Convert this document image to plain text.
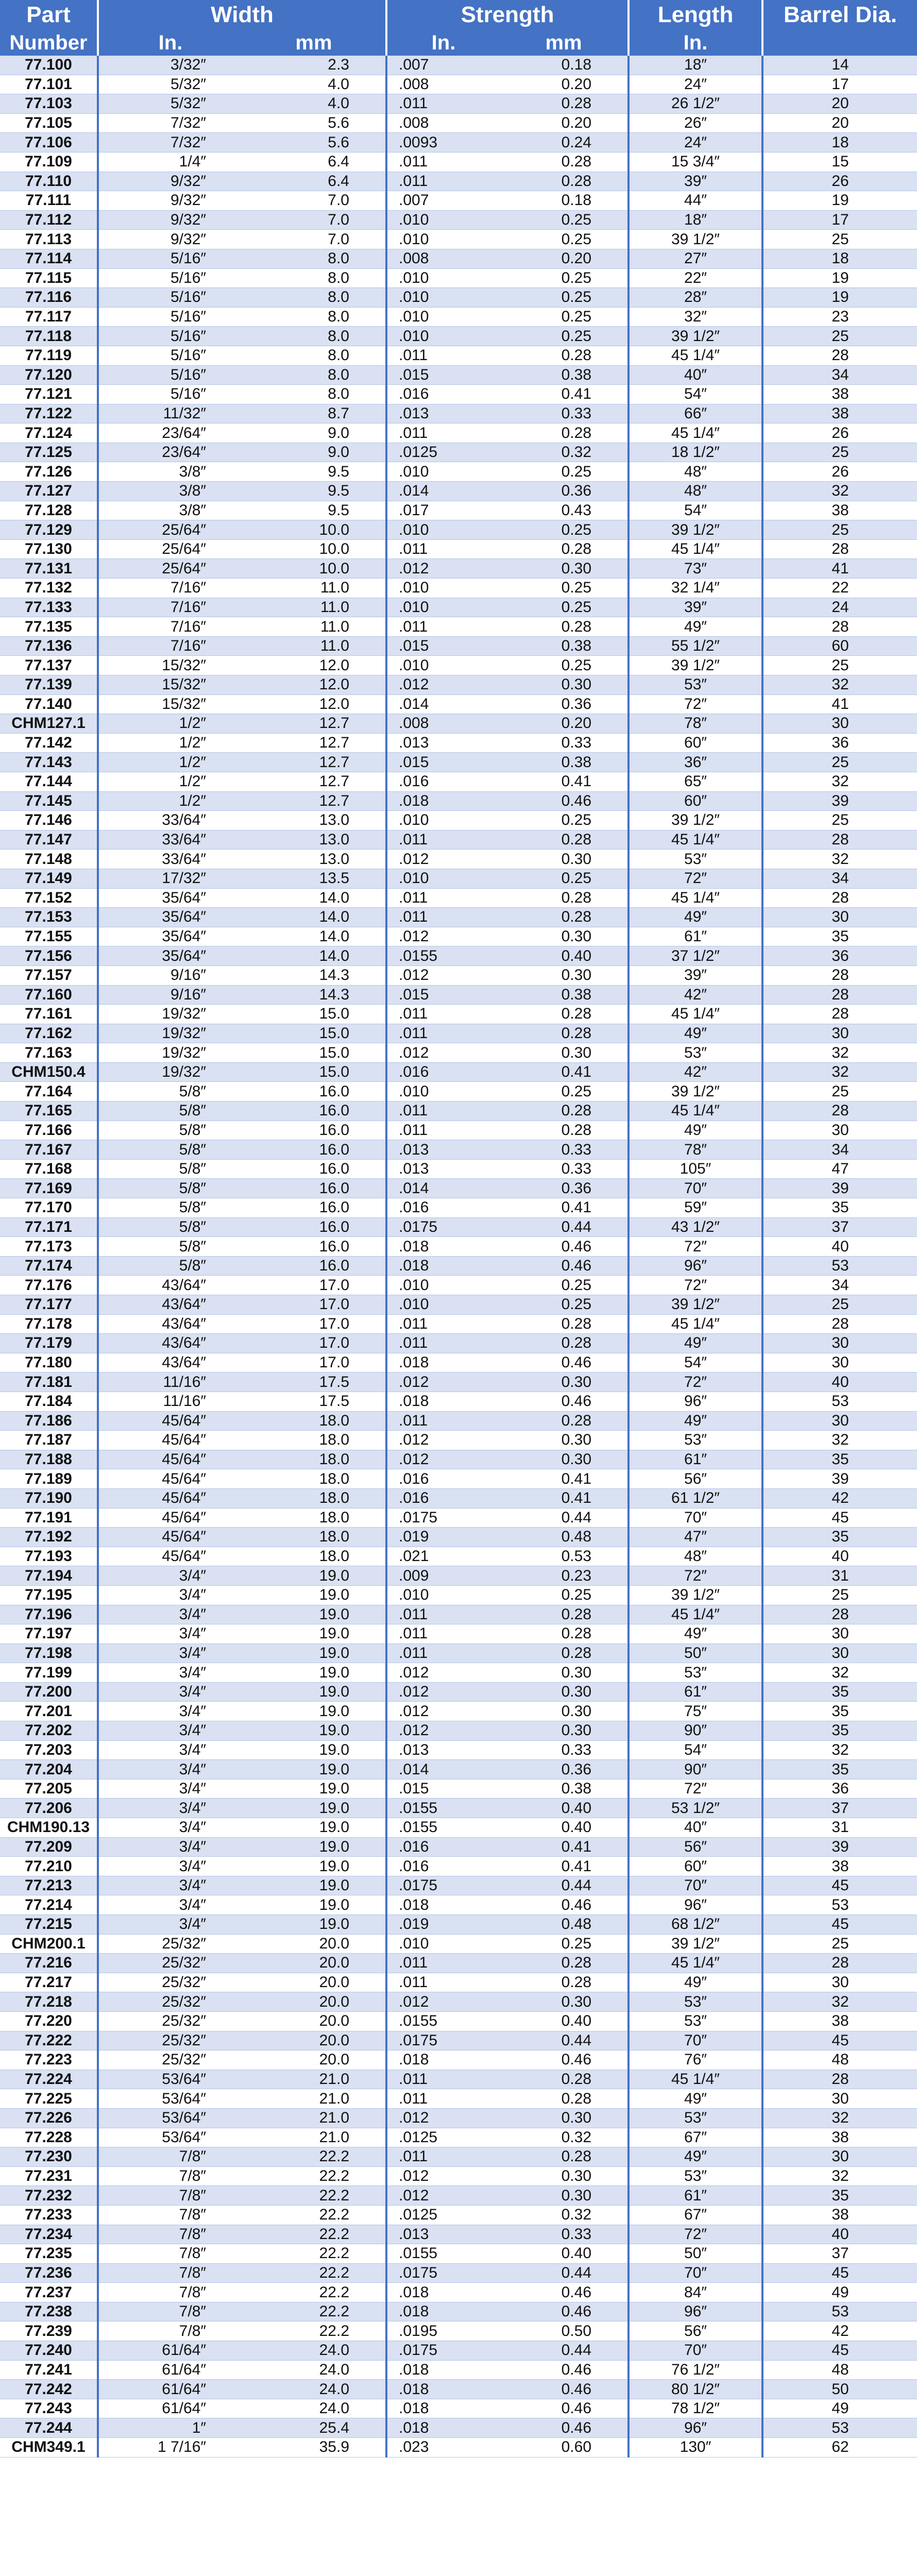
Part	Width		Strength		Length	Barrel Dia.
Number	In.	mm	In.	mm	In.	
77.100	3/32″	2.3	.007	0.18	18″	14
77.101	5/32″	4.0	.008	0.20	24″	17
77.103	5/32″	4.0	.011	0.28	26 1/2″	20
77.105	7/32″	5.6	.008	0.20	26″	20
77.106	7/32″	5.6	.0093	0.24	24″	18
77.109	1/4″	6.4	.011	0.28	15 3/4″	15
77.110	9/32″	6.4	.011	0.28	39″	26
77.111	9/32″	7.0	.007	0.18	44″	19
77.112	9/32″	7.0	.010	0.25	18″	17
77.113	9/32″	7.0	.010	0.25	39 1/2″	25
77.114	5/16″	8.0	.008	0.20	27″	18
77.115	5/16″	8.0	.010	0.25	22″	19
77.116	5/16″	8.0	.010	0.25	28″	19
77.117	5/16″	8.0	.010	0.25	32″	23
77.118	5/16″	8.0	.010	0.25	39 1/2″	25
77.119	5/16″	8.0	.011	0.28	45 1/4″	28
77.120	5/16″	8.0	.015	0.38	40″	34
77.121	5/16″	8.0	.016	0.41	54″	38
77.122	11/32″	8.7	.013	0.33	66″	38
77.124	23/64″	9.0	.011	0.28	45 1/4″	26
77.125	23/64″	9.0	.0125	0.32	18 1/2″	25
77.126	3/8″	9.5	.010	0.25	48″	26
77.127	3/8″	9.5	.014	0.36	48″	32
77.128	3/8″	9.5	.017	0.43	54″	38
77.129	25/64″	10.0	.010	0.25	39 1/2″	25
77.130	25/64″	10.0	.011	0.28	45 1/4″	28
77.131	25/64″	10.0	.012	0.30	73″	41
77.132	7/16″	11.0	.010	0.25	32 1/4″	22
77.133	7/16″	11.0	.010	0.25	39″	24
77.135	7/16″	11.0	.011	0.28	49″	28
77.136	7/16″	11.0	.015	0.38	55 1/2″	60
77.137	15/32″	12.0	.010	0.25	39 1/2″	25
77.139	15/32″	12.0	.012	0.30	53″	32
77.140	15/32″	12.0	.014	0.36	72″	41
CHM127.1	1/2″	12.7	.008	0.20	78″	30
77.142	1/2″	12.7	.013	0.33	60″	36
77.143	1/2″	12.7	.015	0.38	36″	25
77.144	1/2″	12.7	.016	0.41	65″	32
77.145	1/2″	12.7	.018	0.46	60″	39
77.146	33/64″	13.0	.010	0.25	39 1/2″	25
77.147	33/64″	13.0	.011	0.28	45 1/4″	28
77.148	33/64″	13.0	.012	0.30	53″	32
77.149	17/32″	13.5	.010	0.25	72″	34
77.152	35/64″	14.0	.011	0.28	45 1/4″	28
77.153	35/64″	14.0	.011	0.28	49″	30
77.155	35/64″	14.0	.012	0.30	61″	35
77.156	35/64″	14.0	.0155	0.40	37 1/2″	36
77.157	9/16″	14.3	.012	0.30	39″	28
77.160	9/16″	14.3	.015	0.38	42″	28
77.161	19/32″	15.0	.011	0.28	45 1/4″	28
77.162	19/32″	15.0	.011	0.28	49″	30
77.163	19/32″	15.0	.012	0.30	53″	32
CHM150.4	19/32″	15.0	.016	0.41	42″	32
77.164	5/8″	16.0	.010	0.25	39 1/2″	25
77.165	5/8″	16.0	.011	0.28	45 1/4″	28
77.166	5/8″	16.0	.011	0.28	49″	30
77.167	5/8″	16.0	.013	0.33	78″	34
77.168	5/8″	16.0	.013	0.33	105″	47
77.169	5/8″	16.0	.014	0.36	70″	39
77.170	5/8″	16.0	.016	0.41	59″	35
77.171	5/8″	16.0	.0175	0.44	43 1/2″	37
77.173	5/8″	16.0	.018	0.46	72″	40
77.174	5/8″	16.0	.018	0.46	96″	53
77.176	43/64″	17.0	.010	0.25	72″	34
77.177	43/64″	17.0	.010	0.25	39 1/2″	25
77.178	43/64″	17.0	.011	0.28	45 1/4″	28
77.179	43/64″	17.0	.011	0.28	49″	30
77.180	43/64″	17.0	.018	0.46	54″	30
77.181	11/16″	17.5	.012	0.30	72″	40
77.184	11/16″	17.5	.018	0.46	96″	53
77.186	45/64″	18.0	.011	0.28	49″	30
77.187	45/64″	18.0	.012	0.30	53″	32
77.188	45/64″	18.0	.012	0.30	61″	35
77.189	45/64″	18.0	.016	0.41	56″	39
77.190	45/64″	18.0	.016	0.41	61 1/2″	42
77.191	45/64″	18.0	.0175	0.44	70″	45
77.192	45/64″	18.0	.019	0.48	47″	35
77.193	45/64″	18.0	.021	0.53	48″	40
77.194	3/4″	19.0	.009	0.23	72″	31
77.195	3/4″	19.0	.010	0.25	39 1/2″	25
77.196	3/4″	19.0	.011	0.28	45 1/4″	28
77.197	3/4″	19.0	.011	0.28	49″	30
77.198	3/4″	19.0	.011	0.28	50″	30
77.199	3/4″	19.0	.012	0.30	53″	32
77.200	3/4″	19.0	.012	0.30	61″	35
77.201	3/4″	19.0	.012	0.30	75″	35
77.202	3/4″	19.0	.012	0.30	90″	35
77.203	3/4″	19.0	.013	0.33	54″	32
77.204	3/4″	19.0	.014	0.36	90″	35
77.205	3/4″	19.0	.015	0.38	72″	36
77.206	3/4″	19.0	.0155	0.40	53 1/2″	37
CHM190.13	3/4″	19.0	.0155	0.40	40″	31
77.209	3/4″	19.0	.016	0.41	56″	39
77.210	3/4″	19.0	.016	0.41	60″	38
77.213	3/4″	19.0	.0175	0.44	70″	45
77.214	3/4″	19.0	.018	0.46	96″	53
77.215	3/4″	19.0	.019	0.48	68 1/2″	45
CHM200.1	25/32″	20.0	.010	0.25	39 1/2″	25
77.216	25/32″	20.0	.011	0.28	45 1/4″	28
77.217	25/32″	20.0	.011	0.28	49″	30
77.218	25/32″	20.0	.012	0.30	53″	32
77.220	25/32″	20.0	.0155	0.40	53″	38
77.222	25/32″	20.0	.0175	0.44	70″	45
77.223	25/32″	20.0	.018	0.46	76″	48
77.224	53/64″	21.0	.011	0.28	45 1/4″	28
77.225	53/64″	21.0	.011	0.28	49″	30
77.226	53/64″	21.0	.012	0.30	53″	32
77.228	53/64″	21.0	.0125	0.32	67″	38
77.230	7/8″	22.2	.011	0.28	49″	30
77.231	7/8″	22.2	.012	0.30	53″	32
77.232	7/8″	22.2	.012	0.30	61″	35
77.233	7/8″	22.2	.0125	0.32	67″	38
77.234	7/8″	22.2	.013	0.33	72″	40
77.235	7/8″	22.2	.0155	0.40	50″	37
77.236	7/8″	22.2	.0175	0.44	70″	45
77.237	7/8″	22.2	.018	0.46	84″	49
77.238	7/8″	22.2	.018	0.46	96″	53
77.239	7/8″	22.2	.0195	0.50	56″	42
77.240	61/64″	24.0	.0175	0.44	70″	45
77.241	61/64″	24.0	.018	0.46	76 1/2″	48
77.242	61/64″	24.0	.018	0.46	80 1/2″	50
77.243	61/64″	24.0	.018	0.46	78 1/2″	49
77.244	1″	25.4	.018	0.46	96″	53
CHM349.1	1 7/16″	35.9	.023	0.60	130″	62
